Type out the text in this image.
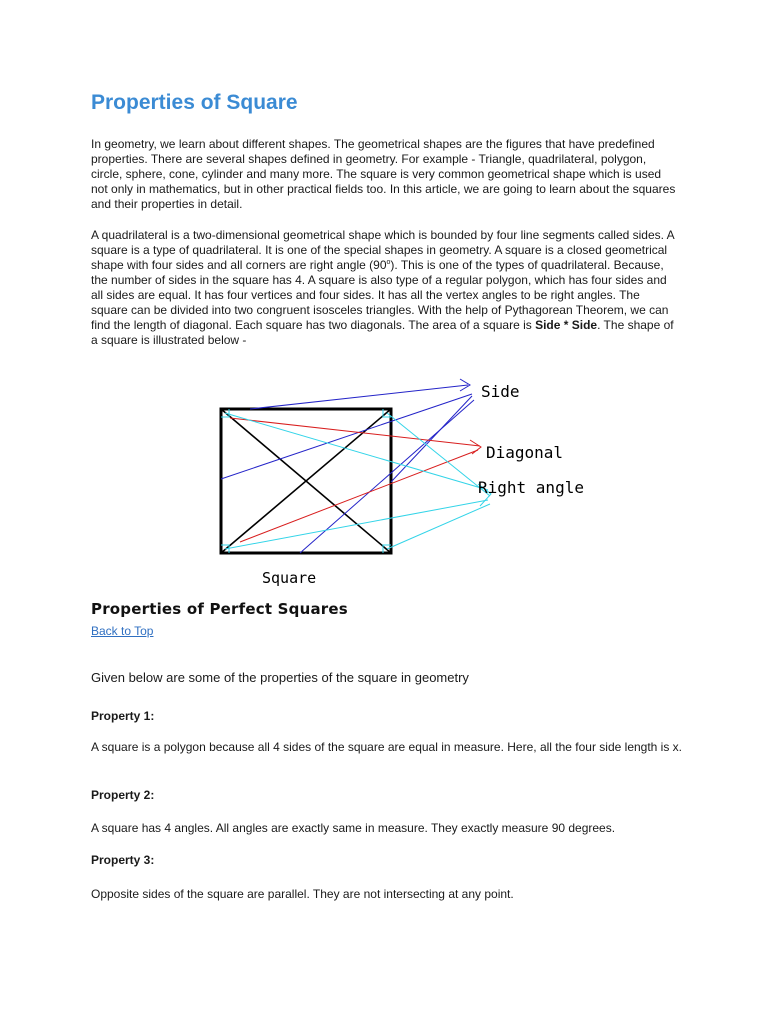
Properties of Square

In geometry, we learn about different shapes. The geometrical shapes are the figures that have predefined properties. There are several shapes defined in geometry. For example - Triangle, quadrilateral, polygon, circle, sphere, cone, cylinder and many more. The square is very common geometrical shape which is used not only in mathematics, but in other practical fields too. In this article, we are going to learn about the squares and their properties in detail.

A quadrilateral is a two-dimensional geometrical shape which is bounded by four line segments called sides. A square is a type of quadrilateral. It is one of the special shapes in geometry. A square is a closed geometrical shape with four sides and all corners are right angle (90$^o$). This is one of the types of quadrilateral. Because, the number of sides in the square has 4. A square is also type of a regular polygon, which has four sides and all sides are equal. It has four vertices and four sides. It has all the vertex angles to be right angles. The square can be divided into two congruent isosceles triangles. With the help of Pythagorean Theorem, we can find the length of diagonal. Each square has two diagonals. The area of a square is Side * Side. The shape of a square is illustrated below -

Side
Diagonal
Right angle
Square
Properties of Perfect Squares
Back to Top

Given below are some of the properties of the square in geometry

Property 1:

A square is a polygon because all 4 sides of the square are equal in measure. Here, all the four side length is x.

Property 2:

A square has 4 angles. All angles are exactly same in measure. They exactly measure 90 degrees.

Property 3:

Opposite sides of the square are parallel. They are not intersecting at any point.
